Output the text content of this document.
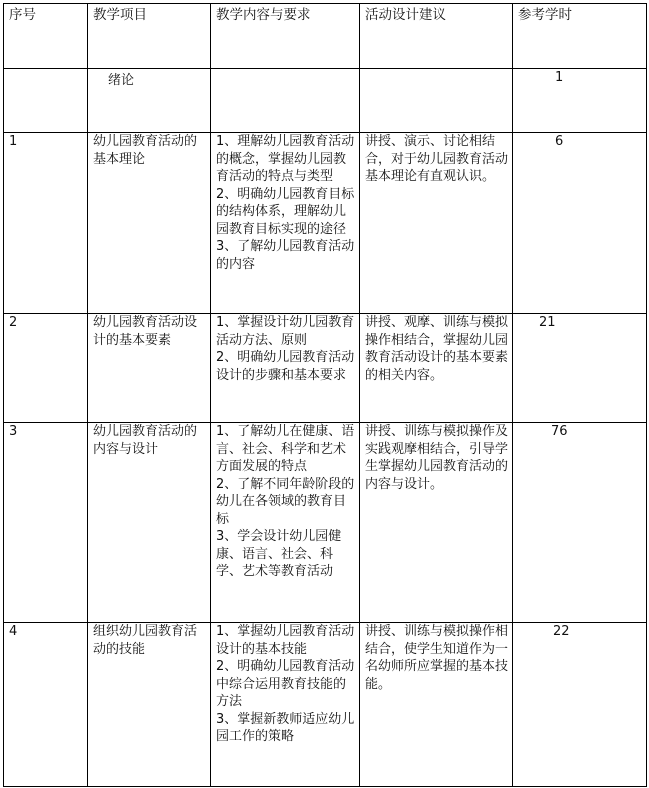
序号	教学项目	教学内容与要求	活动设计建议	参考学时
	绪论			1
1	幼儿园教育活动的基本理论	1、理解幼儿园教育活动的概念，掌握幼儿园教育活动的特点与类型
2、明确幼儿园教育目标的结构体系，理解幼儿园教育目标实现的途径
3、了解幼儿园教育活动的内容	讲授、演示、讨论相结合，对于幼儿园教育活动基本理论有直观认识。	6
2	幼儿园教育活动设计的基本要素	1、掌握设计幼儿园教育活动方法、原则
2、明确幼儿园教育活动设计的步骤和基本要求	讲授、观摩、训练与模拟操作相结合，掌握幼儿园教育活动设计的基本要素的相关内容。	21
3	幼儿园教育活动的内容与设计	1、了解幼儿在健康、语言、社会、科学和艺术方面发展的特点
2、了解不同年龄阶段的幼儿在各领域的教育目标
3、学会设计幼儿园健康、语言、社会、科学、艺术等教育活动	讲授、训练与模拟操作及实践观摩相结合，引导学生掌握幼儿园教育活动的内容与设计。	76
4	组织幼儿园教育活动的技能	1、掌握幼儿园教育活动设计的基本技能
2、明确幼儿园教育活动中综合运用教育技能的方法
3、掌握新教师适应幼儿园工作的策略	讲授、训练与模拟操作相结合，使学生知道作为一名幼师所应掌握的基本技能。	22
